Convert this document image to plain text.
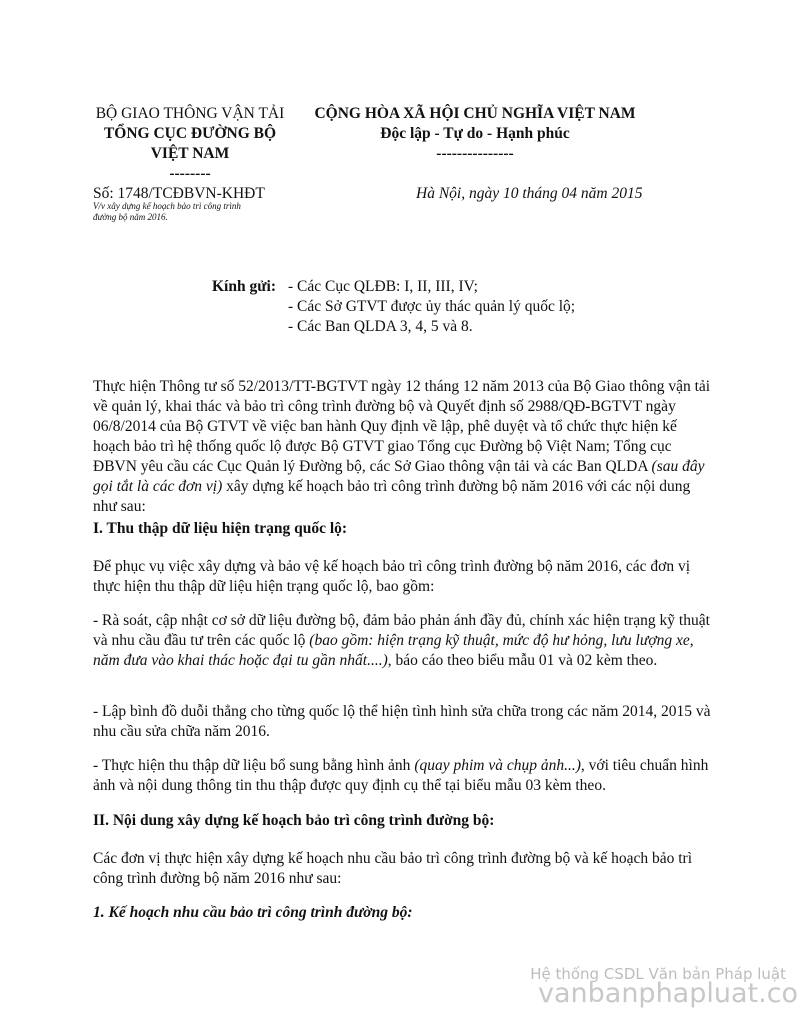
BỘ GIAO THÔNG VẬN TẢI
TỔNG CỤC ĐƯỜNG BỘ
VIỆT NAM
--------
CỘNG HÒA XÃ HỘI CHỦ NGHĨA VIỆT NAM
Độc lập - Tự do - Hạnh phúc
---------------
Số: 1748/TCĐBVN-KHĐT
V/v xây dựng kế hoạch bảo trì công trình
đường bộ năm 2016.
Hà Nội, ngày 10 tháng 04 năm 2015
Kính gửi: - Các Cục QLĐB: I, II, III, IV;
- Các Sở GTVT được ủy thác quản lý quốc lộ;
- Các Ban QLDA 3, 4, 5 và 8.
Thực hiện Thông tư số 52/2013/TT-BGTVT ngày 12 tháng 12 năm 2013 của Bộ Giao thông vận tải về quản lý, khai thác và bảo trì công trình đường bộ và Quyết định số 2988/QĐ-BGTVT ngày 06/8/2014 của Bộ GTVT về việc ban hành Quy định về lập, phê duyệt và tổ chức thực hiện kế hoạch bảo trì hệ thống quốc lộ được Bộ GTVT giao Tổng cục Đường bộ Việt Nam; Tổng cục ĐBVN yêu cầu các Cục Quản lý Đường bộ, các Sở Giao thông vận tải và các Ban QLDA (sau đây gọi tắt là các đơn vị) xây dựng kế hoạch bảo trì công trình đường bộ năm 2016 với các nội dung như sau:
I. Thu thập dữ liệu hiện trạng quốc lộ:
Để phục vụ việc xây dựng và bảo vệ kế hoạch bảo trì công trình đường bộ năm 2016, các đơn vị thực hiện thu thập dữ liệu hiện trạng quốc lộ, bao gồm:
- Rà soát, cập nhật cơ sở dữ liệu đường bộ, đảm bảo phản ánh đầy đủ, chính xác hiện trạng kỹ thuật và nhu cầu đầu tư trên các quốc lộ (bao gồm: hiện trạng kỹ thuật, mức độ hư hỏng, lưu lượng xe, năm đưa vào khai thác hoặc đại tu gần nhất....), báo cáo theo biểu mẫu 01 và 02 kèm theo.
- Lập bình đồ duỗi thẳng cho từng quốc lộ thể hiện tình hình sửa chữa trong các năm 2014, 2015 và nhu cầu sửa chữa năm 2016.
- Thực hiện thu thập dữ liệu bổ sung bằng hình ảnh (quay phim và chụp ảnh...), với tiêu chuẩn hình ảnh và nội dung thông tin thu thập được quy định cụ thể tại biểu mẫu 03 kèm theo.
II. Nội dung xây dựng kế hoạch bảo trì công trình đường bộ:
Các đơn vị thực hiện xây dựng kế hoạch nhu cầu bảo trì công trình đường bộ và kế hoạch bảo trì công trình đường bộ năm 2016 như sau:
1. Kế hoạch nhu cầu bảo trì công trình đường bộ:
Hệ thống CSDL Văn bản Pháp luật
vanbanphapluat.co
